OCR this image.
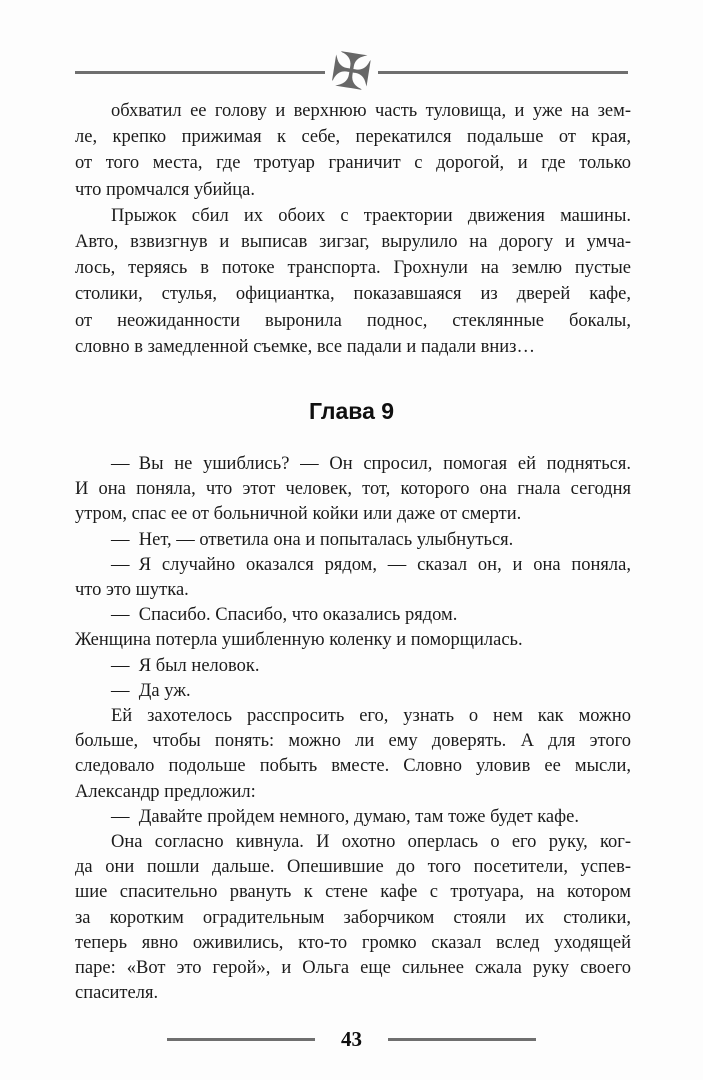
✠
обхватил ее голову и верхнюю часть туловища, и уже на зем-
ле, крепко прижимая к себе, перекатился подальше от края,
от того места, где тротуар граничит с дорогой, и где только
что промчался убийца.
Прыжок сбил их обоих с траектории движения машины.
Авто, взвизгнув и выписав зигзаг, вырулило на дорогу и умча-
лось, теряясь в потоке транспорта. Грохнули на землю пустые
столики, стулья, официантка, показавшаяся из дверей кафе,
от неожиданности выронила поднос, стеклянные бокалы,
словно в замедленной съемке, все падали и падали вниз…
Глава 9
— Вы не ушиблись? — Он спросил, помогая ей подняться.
И она поняла, что этот человек, тот, которого она гнала сегодня
утром, спас ее от больничной койки или даже от смерти.
— Нет, — ответила она и попыталась улыбнуться.
— Я случайно оказался рядом, — сказал он, и она поняла,
что это шутка.
— Спасибо. Спасибо, что оказались рядом.
Женщина потерла ушибленную коленку и поморщилась.
— Я был неловок.
— Да уж.
Ей захотелось расспросить его, узнать о нем как можно
больше, чтобы понять: можно ли ему доверять. А для этого
следовало подольше побыть вместе. Словно уловив ее мысли,
Александр предложил:
— Давайте пройдем немного, думаю, там тоже будет кафе.
Она согласно кивнула. И охотно оперлась о его руку, ког-
да они пошли дальше. Опешившие до того посетители, успев-
шие спасительно рвануть к стене кафе с тротуара, на котором
за коротким оградительным заборчиком стояли их столики,
теперь явно оживились, кто-то громко сказал вслед уходящей
паре: «Вот это герой», и Ольга еще сильнее сжала руку своего
спасителя.
43
